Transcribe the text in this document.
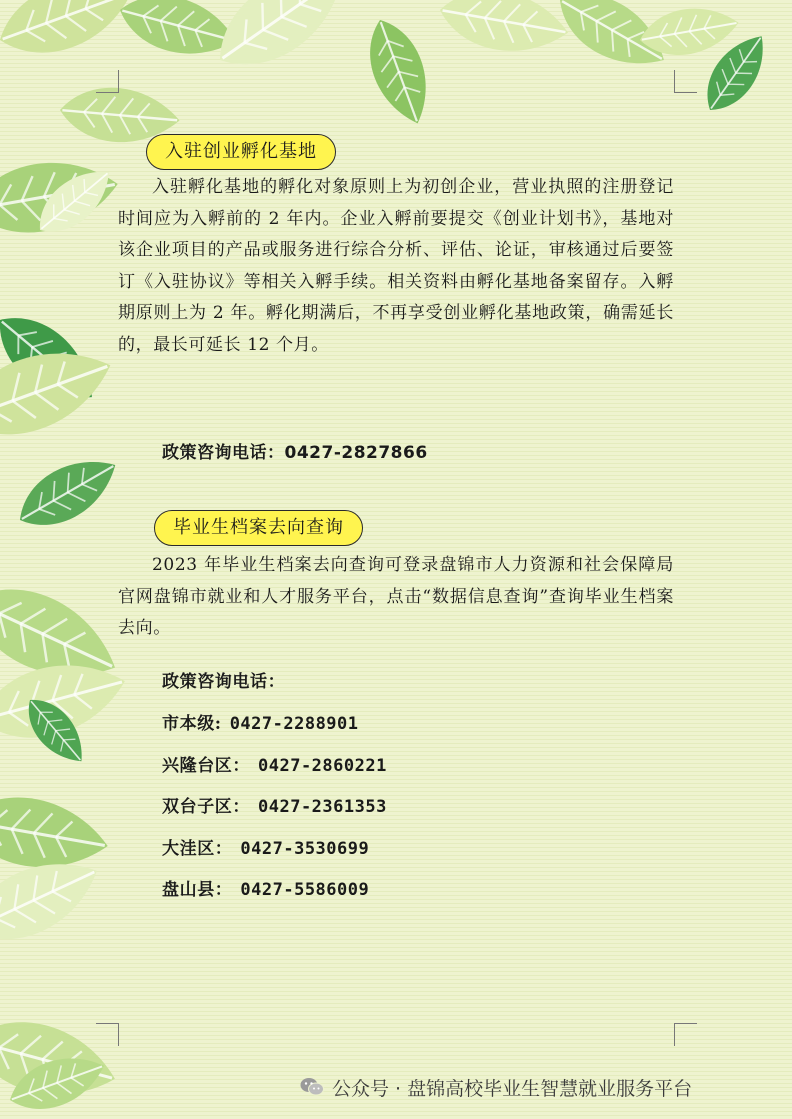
入驻创业孵化基地
入驻孵化基地的孵化对象原则上为初创企业，营业执照的注册登记时间应为入孵前的 2 年内。企业入孵前要提交《创业计划书》，基地对该企业项目的产品或服务进行综合分析、评估、论证，审核通过后要签订《入驻协议》等相关入孵手续。相关资料由孵化基地备案留存。入孵期原则上为 2 年。孵化期满后，不再享受创业孵化基地政策，确需延长的，最长可延长 12 个月。
政策咨询电话：0427-2827866
毕业生档案去向查询
2023 年毕业生档案去向查询可登录盘锦市人力资源和社会保障局官网盘锦市就业和人才服务平台，点击“数据信息查询”查询毕业生档案去向。
政策咨询电话：
市本级: 0427-2288901
兴隆台区： 0427-2860221
双台子区： 0427-2361353
大洼区： 0427-3530699
盘山县： 0427-5586009
公众号 · 盘锦高校毕业生智慧就业服务平台
